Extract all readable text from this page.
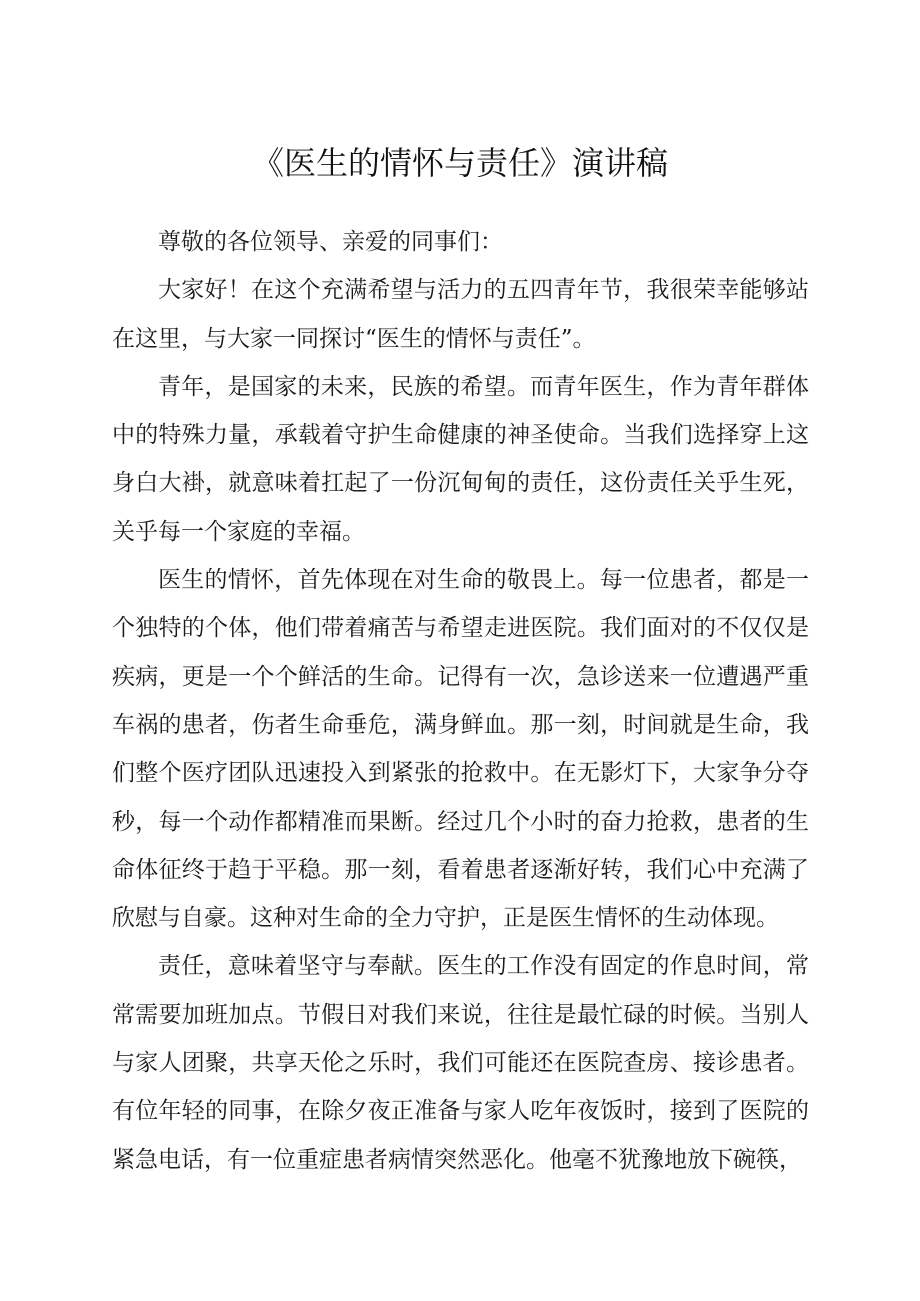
《医生的情怀与责任》演讲稿

尊敬的各位领导、亲爱的同事们：

大家好！在这个充满希望与活力的五四青年节，我很荣幸能够站在这里，与大家一同探讨“医生的情怀与责任”。

青年，是国家的未来，民族的希望。而青年医生，作为青年群体中的特殊力量，承载着守护生命健康的神圣使命。当我们选择穿上这身白大褂，就意味着扛起了一份沉甸甸的责任，这份责任关乎生死，关乎每一个家庭的幸福。

医生的情怀，首先体现在对生命的敬畏上。每一位患者，都是一个独特的个体，他们带着痛苦与希望走进医院。我们面对的不仅仅是疾病，更是一个个鲜活的生命。记得有一次，急诊送来一位遭遇严重车祸的患者，伤者生命垂危，满身鲜血。那一刻，时间就是生命，我们整个医疗团队迅速投入到紧张的抢救中。在无影灯下，大家争分夺秒，每一个动作都精准而果断。经过几个小时的奋力抢救，患者的生命体征终于趋于平稳。那一刻，看着患者逐渐好转，我们心中充满了欣慰与自豪。这种对生命的全力守护，正是医生情怀的生动体现。

责任，意味着坚守与奉献。医生的工作没有固定的作息时间，常常需要加班加点。节假日对我们来说，往往是最忙碌的时候。当别人与家人团聚，共享天伦之乐时，我们可能还在医院查房、接诊患者。有位年轻的同事，在除夕夜正准备与家人吃年夜饭时，接到了医院的紧急电话，有一位重症患者病情突然恶化。他毫不犹豫地放下碗筷，
